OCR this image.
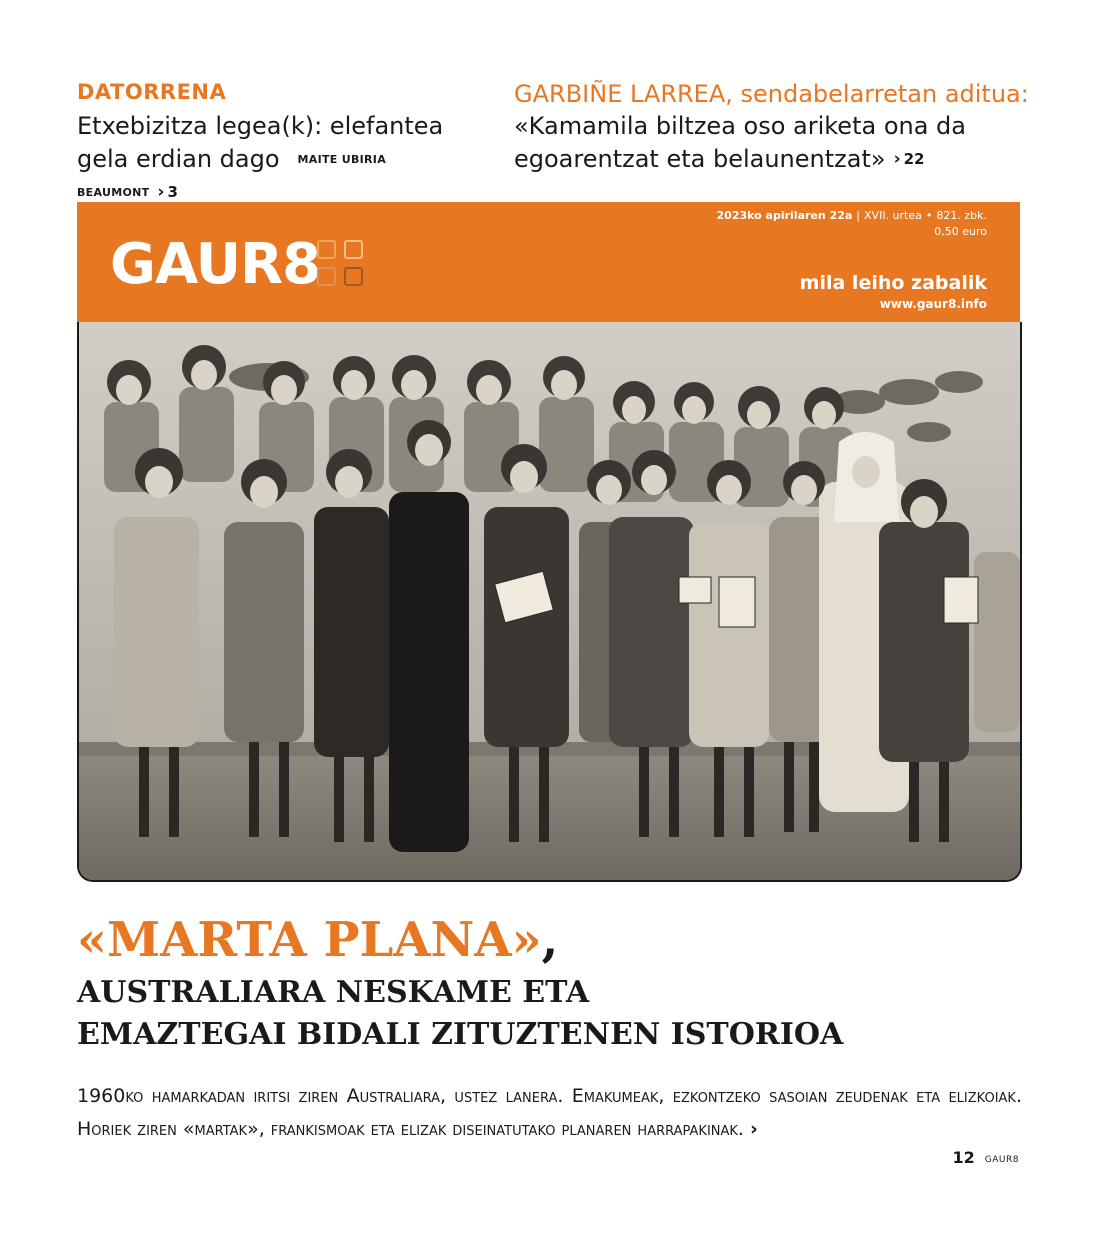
DATORRENA
Etxebizitza legea(k): elefantea
gela erdian dago MAITE UBIRIA BEAUMONT › 3
GARBIÑE LARREA, sendabelarretan aditua:
«Kamamila biltzea oso ariketa ona da
egoarentzat eta belaunentzat» › 22
GAUR8
2023ko apirilaren 22a | XVII. urtea • 821. zbk.
0,50 euro
mila leiho zabalik
www.gaur8.info
«MARTA PLANA»,
AUSTRALIARA NESKAME ETA
EMAZTEGAI BIDALI ZITUZTENEN ISTORIOA
1960ko hamarkadan iritsi ziren Australiara, ustez lanera. Emakumeak, ezkontzeko sasoian zeudenak eta elizkoiak. Horiek ziren «martak», frankismoak eta elizak diseinatutako planaren harrapakinak. ›
12 GAUR8
